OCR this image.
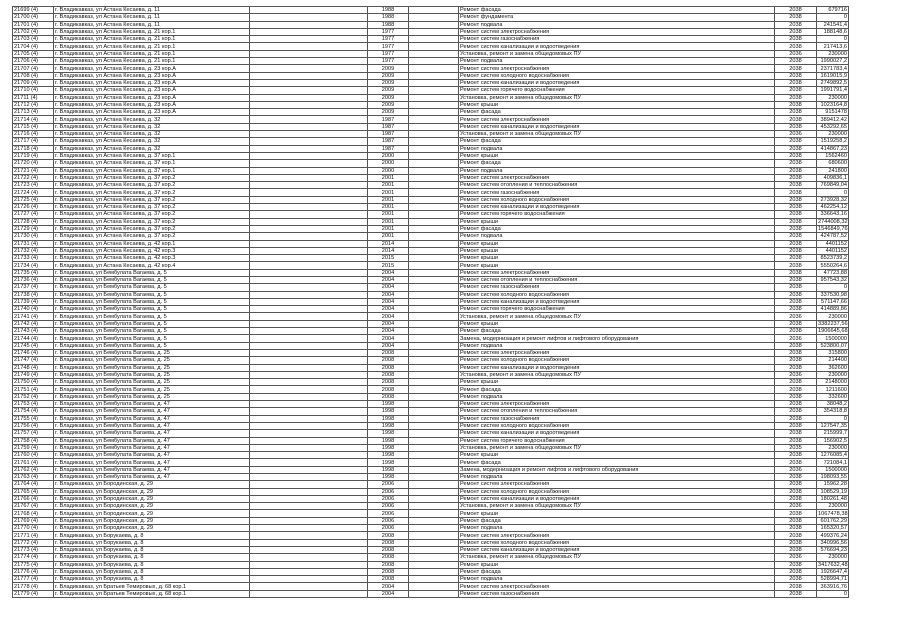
21699 (4)	г. Владикавказ, ул Астана Кесаева, д. 11		1988		Ремонт фасада	2038	679716
21700 (4)	г. Владикавказ, ул Астана Кесаева, д. 11		1988		Ремонт фундамента	2038	0
21701 (4)	г. Владикавказ, ул Астана Кесаева, д. 11		1988		Ремонт подвала	2038	241541,4
21702 (4)	г. Владикавказ, ул Астана Кесаева, д. 21 кор.1		1977		Ремонт систем электроснабжения	2038	188148,6
21703 (4)	г. Владикавказ, ул Астана Кесаева, д. 21 кор.1		1977		Ремонт систем газоснабжения	2038	0
21704 (4)	г. Владикавказ, ул Астана Кесаева, д. 21 кор.1		1977		Ремонт систем канализации и водоотведения	2038	217413,6
21705 (4)	г. Владикавказ, ул Астана Кесаева, д. 21 кор.1		1977		Установка, ремонт и замена общедомовых ПУ	2036	230000
21706 (4)	г. Владикавказ, ул Астана Кесаева, д. 21 кор.1		1977		Ремонт подвала	2038	1990027,2
21707 (4)	г. Владикавказ, ул Астана Кесаева, д. 23 кор.А		2009		Ремонт систем электроснабжения	2038	2371783,4
21708 (4)	г. Владикавказ, ул Астана Кесаева, д. 23 кор.А		2009		Ремонт систем холодного водоснабжения	2038	1619015,9
21709 (4)	г. Владикавказ, ул Астана Кесаева, д. 23 кор.А		2009		Ремонт систем канализации и водоотведения	2038	2749892,5
21710 (4)	г. Владикавказ, ул Астана Кесаева, д. 23 кор.А		2009		Ремонт систем горячего водоснабжения	2038	1991791,4
21711 (4)	г. Владикавказ, ул Астана Кесаева, д. 23 кор.А		2009		Установка, ремонт и замена общедомовых ПУ	2038	230000
21712 (4)	г. Владикавказ, ул Астана Кесаева, д. 23 кор.А		2009		Ремонт крыши	2038	1023164,8
21713 (4)	г. Владикавказ, ул Астана Кесаева, д. 23 кор.А		2009		Ремонт фасада	2038	9151478
21714 (4)	г. Владикавказ, ул Астана Кесаева, д. 32		1987		Ремонт систем электроснабжения	2038	389412,42
21715 (4)	г. Владикавказ, ул Астана Кесаева, д. 32		1987		Ремонт систем канализации и водоотведения	2038	453292,65
21716 (4)	г. Владикавказ, ул Астана Кесаева, д. 32		1987		Установка, ремонт и замена общедомовых ПУ	2036	230000
21717 (4)	г. Владикавказ, ул Астана Кесаева, д. 32		1987		Ремонт фасада	2038	1519258,2
21718 (4)	г. Владикавказ, ул Астана Кесаева, д. 32		1987		Ремонт подвала	2038	414867,23
21719 (4)	г. Владикавказ, ул Астана Кесаева, д. 37 кор.1		2000		Ремонт крыши	2038	1562460
21720 (4)	г. Владикавказ, ул Астана Кесаева, д. 37 кор.1		2000		Ремонт фасада	2038	680600
21721 (4)	г. Владикавказ, ул Астана Кесаева, д. 37 кор.1		2000		Ремонт подвала	2038	241800
21722 (4)	г. Владикавказ, ул Астана Кесаева, д. 37 кор.2		2001		Ремонт систем электроснабжения	2038	409836,1
21723 (4)	г. Владикавказ, ул Астана Кесаева, д. 37 кор.2		2001		Ремонт систем отопления и теплоснабжения	2038	769849,04
21724 (4)	г. Владикавказ, ул Астана Кесаева, д. 37 кор.2		2001		Ремонт систем газоснабжения	2038	0
21725 (4)	г. Владикавказ, ул Астана Кесаева, д. 37 кор.2		2001		Ремонт систем холодного водоснабжения	2038	273928,32
21726 (4)	г. Владикавказ, ул Астана Кесаева, д. 37 кор.2		2001		Ремонт систем канализации и водоотведения	2038	462254,12
21727 (4)	г. Владикавказ, ул Астана Кесаева, д. 37 кор.2		2001		Ремонт систем горячего водоснабжения	2038	336643,16
21728 (4)	г. Владикавказ, ул Астана Кесаева, д. 37 кор.2		2001		Ремонт крыши	2038	2744008,32
21729 (4)	г. Владикавказ, ул Астана Кесаева, д. 37 кор.2		2001		Ремонт фасада	2038	1546849,76
21730 (4)	г. Владикавказ, ул Астана Кесаева, д. 37 кор.2		2001		Ремонт подвала	2038	424787,52
21731 (4)	г. Владикавказ, ул Астана Кесаева, д. 42 кор.1		2014		Ремонт крыши	2038	4401152
21732 (4)	г. Владикавказ, ул Астана Кесаева, д. 42 кор.3		2014		Ремонт крыши	2038	4401152
21733 (4)	г. Владикавказ, ул Астана Кесаева, д. 42 кор.3		2015		Ремонт крыши	2038	8523739,2
21734 (4)	г. Владикавказ, ул Астана Кесаева, д. 42 кор.4		2015		Ремонт крыши	2038	5550264,6
21735 (4)	г. Владикавказ, ул Бембулата Вагаева, д. 5		2004		Ремонт систем электроснабжения	2038	47723,88
21736 (4)	г. Владикавказ, ул Бембулата Вагаева, д. 5		2004		Ремонт систем отопления и теплоснабжения	2038	957543,32
21737 (4)	г. Владикавказ, ул Бембулата Вагаева, д. 5		2004		Ремонт систем газоснабжения	2038	0
21738 (4)	г. Владикавказ, ул Бембулата Вагаева, д. 5		2004		Ремонт систем холодного водоснабжения	2038	337530,98
21739 (4)	г. Владикавказ, ул Бембулата Вагаева, д. 5		2004		Ремонт систем канализации и водоотведения	2038	571147,66
21740 (4)	г. Владикавказ, ул Бембулата Вагаева, д. 5		2004		Ремонт систем горячего водоснабжения	2038	414889,86
21741 (4)	г. Владикавказ, ул Бембулата Вагаева, д. 5		2004		Установка, ремонт и замена общедомовых ПУ	2036	230000
21742 (4)	г. Владикавказ, ул Бембулата Вагаева, д. 5		2004		Ремонт крыши	2038	3382237,56
21743 (4)	г. Владикавказ, ул Бембулата Вагаева, д. 5		2004		Ремонт фасада	2038	1906645,68
21744 (4)	г. Владикавказ, ул Бембулата Вагаева, д. 5		2004		Замена, модернизация и ремонт лифтов и лифтового оборудования	2036	1500000
21745 (4)	г. Владикавказ, ул Бембулата Вагаева, д. 5		2004		Ремонт подвала	2038	523800,07
21746 (4)	г. Владикавказ, ул Бембулата Вагаева, д. 25		2008		Ремонт систем электроснабжения	2038	315800
21747 (4)	г. Владикавказ, ул Бембулата Вагаева, д. 25		2008		Ремонт систем холодного водоснабжения	2038	214400
21748 (4)	г. Владикавказ, ул Бембулата Вагаева, д. 25		2008		Ремонт систем канализации и водоотведения	2038	362600
21749 (4)	г. Владикавказ, ул Бембулата Вагаева, д. 25		2008		Установка, ремонт и замена общедомовых ПУ	2036	230000
21750 (4)	г. Владикавказ, ул Бембулата Вагаева, д. 25		2008		Ремонт крыши	2038	2148000
21751 (4)	г. Владикавказ, ул Бембулата Вагаева, д. 25		2008		Ремонт фасада	2038	1211600
21752 (4)	г. Владикавказ, ул Бембулата Вагаева, д. 25		2008		Ремонт подвала	2038	332600
21753 (4)	г. Владикавказ, ул Бембулата Вагаева, д. 47		1998		Ремонт систем электроснабжения	2038	38048,2
21754 (4)	г. Владикавказ, ул Бембулата Вагаева, д. 47		1998		Ремонт систем отопления и теплоснабжения	2038	354318,8
21755 (4)	г. Владикавказ, ул Бембулата Вагаева, д. 47		1998		Ремонт систем газоснабжения	2038	0
21756 (4)	г. Владикавказ, ул Бембулата Вагаева, д. 47		1998		Ремонт систем холодного водоснабжения	2038	127547,35
21757 (4)	г. Владикавказ, ул Бембулата Вагаева, д. 47		1998		Ремонт систем канализации и водоотведения	2038	215999,7
21758 (4)	г. Владикавказ, ул Бембулата Вагаева, д. 47		1998		Ремонт систем горячего водоснабжения	2038	156902,5
21759 (4)	г. Владикавказ, ул Бембулата Вагаева, д. 47		1998		Установка, ремонт и замена общедомовых ПУ	2035	230000
21760 (4)	г. Владикавказ, ул Бембулата Вагаева, д. 47		1998		Ремонт крыши	2038	1276085,4
21761 (4)	г. Владикавказ, ул Бембулата Вагаева, д. 47		1998		Ремонт фасада	2038	721084,1
21762 (4)	г. Владикавказ, ул Бембулата Вагаева, д. 47		1998		Замена, модернизация и ремонт лифтов и лифтового оборудования	2036	1500000
21763 (4)	г. Владикавказ, ул Бембулата Вагаева, д. 47		1998		Ремонт подвала	2038	198093,55
21764 (4)	г. Владикавказ, ул Бородинская, д. 29		2006		Ремонт систем электроснабжения	2038	15962,28
21765 (4)	г. Владикавказ, ул Бородинская, д. 29		2006		Ремонт систем холодного водоснабжения	2038	108529,19
21766 (4)	г. Владикавказ, ул Бородинская, д. 29		2006		Ремонт систем канализации и водоотведения	2038	180261,48
21767 (4)	г. Владикавказ, ул Бородинская, д. 29		2006		Установка, ремонт и замена общедомовых ПУ	2036	230000
21768 (4)	г. Владикавказ, ул Бородинская, д. 29		2006		Ремонт крыши	2038	1067478,38
21769 (4)	г. Владикавказ, ул Бородинская, д. 29		2006		Ремонт фасада	2038	601762,29
21770 (4)	г. Владикавказ, ул Бородинская, д. 29		2006		Ремонт подвала	2038	165320,57
21771 (4)	г. Владикавказ, ул Борукаева, д. 8		2008		Ремонт систем электроснабжения	2038	499376,24
21772 (4)	г. Владикавказ, ул Борукаева, д. 8		2008		Ремонт систем холодного водоснабжения	2038	340996,56
21773 (4)	г. Владикавказ, ул Борукаева, д. 8		2008		Ремонт систем канализации и водоотведения	2038	576694,23
21774 (4)	г. Владикавказ, ул Борукаева, д. 8		2008		Установка, ремонт и замена общедомовых ПУ	2036	230000
21775 (4)	г. Владикавказ, ул Борукаева, д. 8		2008		Ремонт крыши	2038	3417632,48
21776 (4)	г. Владикавказ, ул Борукаева, д. 8		2008		Ремонт фасада	2038	1926647,4
21777 (4)	г. Владикавказ, ул Борукаева, д. 8		2008		Ремонт подвала	2038	528994,71
21778 (4)	г. Владикавказ, ул Братьев Темировых, д. 68 кор.1		2004		Ремонт систем электроснабжения	2038	363916,76
21779 (4)	г. Владикавказ, ул Братьев Темировых, д. 68 кор.1		2004		Ремонт систем газоснабжения	2038	0
